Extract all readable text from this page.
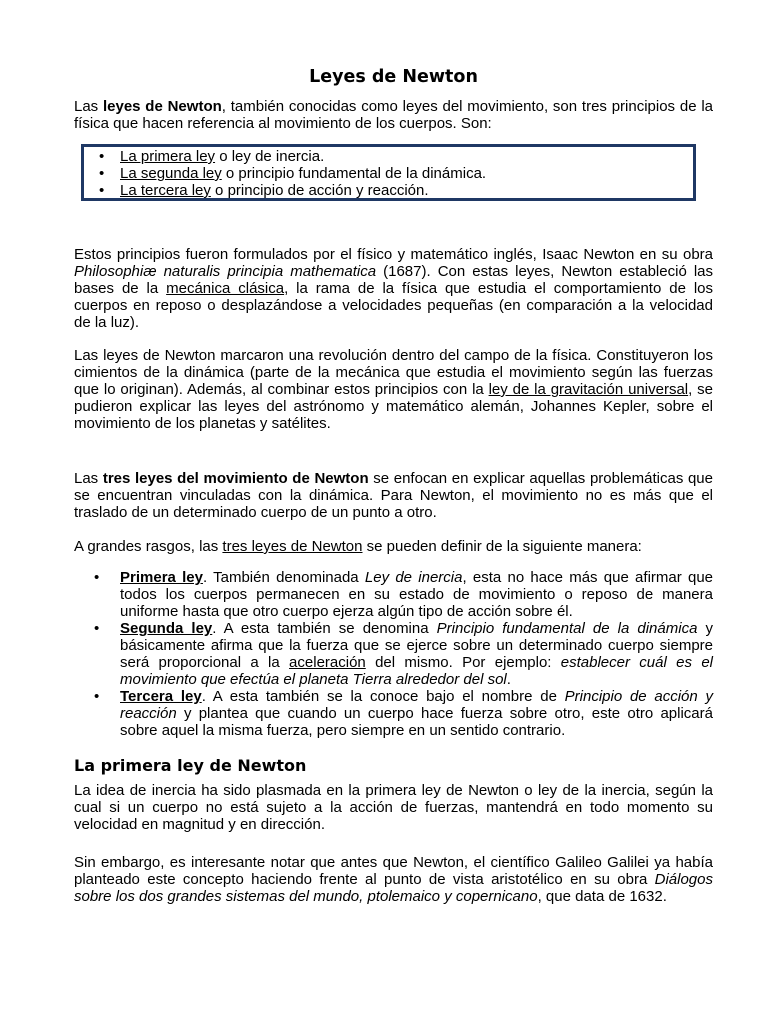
Leyes de Newton

Las leyes de Newton, también conocidas como leyes del movimiento, son tres principios de la física que hacen referencia al movimiento de los cuerpos. Son:

• La primera ley o ley de inercia.
• La segunda ley o principio fundamental de la dinámica.
• La tercera ley o principio de acción y reacción.

Estos principios fueron formulados por el físico y matemático inglés, Isaac Newton en su obra Philosophiæ naturalis principia mathematica (1687). Con estas leyes, Newton estableció las bases de la mecánica clásica, la rama de la física que estudia el comportamiento de los cuerpos en reposo o desplazándose a velocidades pequeñas (en comparación a la velocidad de la luz).

Las leyes de Newton marcaron una revolución dentro del campo de la física. Constituyeron los cimientos de la dinámica (parte de la mecánica que estudia el movimiento según las fuerzas que lo originan). Además, al combinar estos principios con la ley de la gravitación universal, se pudieron explicar las leyes del astrónomo y matemático alemán, Johannes Kepler, sobre el movimiento de los planetas y satélites.

Las tres leyes del movimiento de Newton se enfocan en explicar aquellas problemáticas que se encuentran vinculadas con la dinámica. Para Newton, el movimiento no es más que el traslado de un determinado cuerpo de un punto a otro.

A grandes rasgos, las tres leyes de Newton se pueden definir de la siguiente manera:

• Primera ley. También denominada Ley de inercia, esta no hace más que afirmar que todos los cuerpos permanecen en su estado de movimiento o reposo de manera uniforme hasta que otro cuerpo ejerza algún tipo de acción sobre él.
• Segunda ley. A esta también se denomina Principio fundamental de la dinámica y básicamente afirma que la fuerza que se ejerce sobre un determinado cuerpo siempre será proporcional a la aceleración del mismo. Por ejemplo: establecer cuál es el movimiento que efectúa el planeta Tierra alrededor del sol.
• Tercera ley. A esta también se la conoce bajo el nombre de Principio de acción y reacción y plantea que cuando un cuerpo hace fuerza sobre otro, este otro aplicará sobre aquel la misma fuerza, pero siempre en un sentido contrario.
La primera ley de Newton

La idea de inercia ha sido plasmada en la primera ley de Newton o ley de la inercia, según la cual si un cuerpo no está sujeto a la acción de fuerzas, mantendrá en todo momento su velocidad en magnitud y en dirección.

Sin embargo, es interesante notar que antes que Newton, el científico Galileo Galilei ya había planteado este concepto haciendo frente al punto de vista aristotélico en su obra Diálogos sobre los dos grandes sistemas del mundo, ptolemaico y copernicano, que data de 1632.
